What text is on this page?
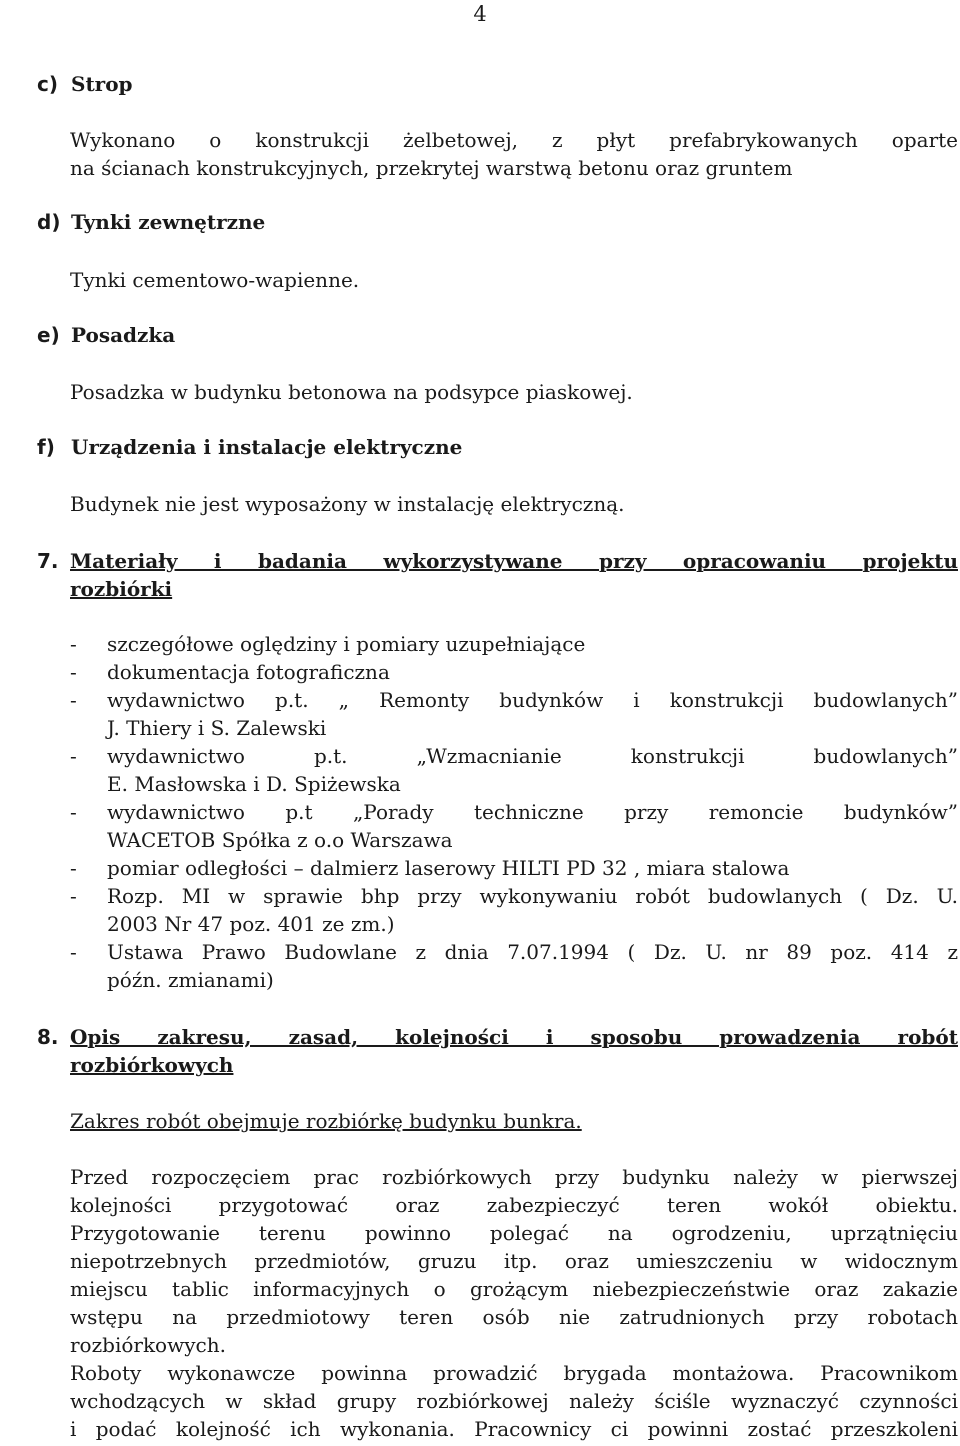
4
c) Strop
Wykonano o konstrukcji żelbetowej, z płyt prefabrykowanych oparte
na ścianach konstrukcyjnych, przekrytej warstwą betonu oraz gruntem
d) Tynki zewnętrzne
Tynki cementowo-wapienne.
e) Posadzka
Posadzka w budynku betonowa na podsypce piaskowej.
f) Urządzenia i instalacje elektryczne
Budynek nie jest wyposażony w instalację elektryczną.
7. Materiały i badania wykorzystywane przy opracowaniu projektu
rozbiórki
- szczegółowe oględziny i pomiary uzupełniające
- dokumentacja fotograficzna
- wydawnictwo p.t. „ Remonty budynków i konstrukcji budowlanych”
J. Thiery i S. Zalewski
- wydawnictwo p.t. „Wzmacnianie konstrukcji budowlanych”
E. Masłowska i D. Spiżewska
- wydawnictwo p.t „Porady techniczne przy remoncie budynków”
WACETOB Spółka z o.o Warszawa
- pomiar odległości – dalmierz laserowy HILTI PD 32 , miara stalowa
- Rozp. MI w sprawie bhp przy wykonywaniu robót budowlanych ( Dz. U.
2003 Nr 47 poz. 401 ze zm.)
- Ustawa Prawo Budowlane z dnia 7.07.1994 ( Dz. U. nr 89 poz. 414 z
późn. zmianami)
8. Opis zakresu, zasad, kolejności i sposobu prowadzenia robót
rozbiórkowych
Zakres robót obejmuje rozbiórkę budynku bunkra.
Przed rozpoczęciem prac rozbiórkowych przy budynku należy w pierwszej
kolejności przygotować oraz zabezpieczyć teren wokół obiektu.
Przygotowanie terenu powinno polegać na ogrodzeniu, uprzątnięciu
niepotrzebnych przedmiotów, gruzu itp. oraz umieszczeniu w widocznym
miejscu tablic informacyjnych o grożącym niebezpieczeństwie oraz zakazie
wstępu na przedmiotowy teren osób nie zatrudnionych przy robotach
rozbiórkowych.
Roboty wykonawcze powinna prowadzić brygada montażowa. Pracownikom
wchodzących w skład grupy rozbiórkowej należy ściśle wyznaczyć czynności
i podać kolejność ich wykonania. Pracownicy ci powinni zostać przeszkoleni
